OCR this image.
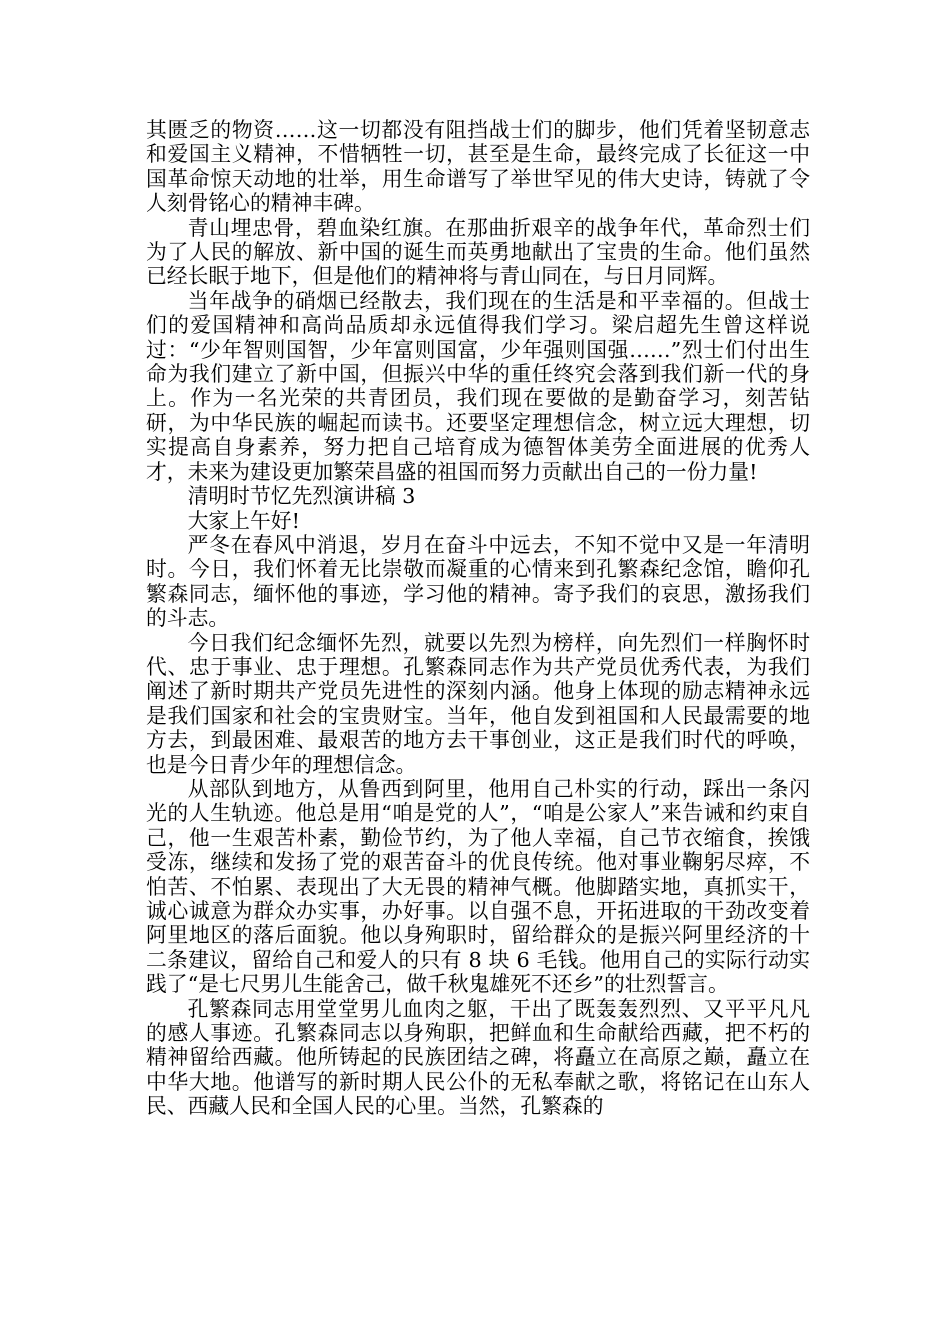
其匮乏的物资……这一切都没有阻挡战士们的脚步，他们凭着坚韧意志和爱国主义精神，不惜牺牲一切，甚至是生命，最终完成了长征这一中国革命惊天动地的壮举，用生命谱写了举世罕见的伟大史诗，铸就了令人刻骨铭心的精神丰碑。

青山埋忠骨，碧血染红旗。在那曲折艰辛的战争年代，革命烈士们为了人民的解放、新中国的诞生而英勇地献出了宝贵的生命。他们虽然已经长眠于地下，但是他们的精神将与青山同在，与日月同辉。

当年战争的硝烟已经散去，我们现在的生活是和平幸福的。但战士们的爱国精神和高尚品质却永远值得我们学习。梁启超先生曾这样说过：“少年智则国智，少年富则国富，少年强则国强……”烈士们付出生命为我们建立了新中国，但振兴中华的重任终究会落到我们新一代的身上。作为一名光荣的共青团员，我们现在要做的是勤奋学习，刻苦钻研，为中华民族的崛起而读书。还要坚定理想信念，树立远大理想，切实提高自身素养，努力把自己培育成为德智体美劳全面进展的优秀人才，未来为建设更加繁荣昌盛的祖国而努力贡献出自己的一份力量!

清明时节忆先烈演讲稿 3

大家上午好!

严冬在春风中消退，岁月在奋斗中远去，不知不觉中又是一年清明时。今日，我们怀着无比崇敬而凝重的心情来到孔繁森纪念馆，瞻仰孔繁森同志，缅怀他的事迹，学习他的精神。寄予我们的哀思，激扬我们的斗志。

今日我们纪念缅怀先烈，就要以先烈为榜样，向先烈们一样胸怀时代、忠于事业、忠于理想。孔繁森同志作为共产党员优秀代表，为我们阐述了新时期共产党员先进性的深刻内涵。他身上体现的励志精神永远是我们国家和社会的宝贵财宝。当年，他自发到祖国和人民最需要的地方去，到最困难、最艰苦的地方去干事创业，这正是我们时代的呼唤，也是今日青少年的理想信念。

从部队到地方，从鲁西到阿里，他用自己朴实的行动，踩出一条闪光的人生轨迹。他总是用“咱是党的人”，“咱是公家人”来告诫和约束自己，他一生艰苦朴素，勤俭节约，为了他人幸福，自己节衣缩食，挨饿受冻，继续和发扬了党的艰苦奋斗的优良传统。他对事业鞠躬尽瘁，不怕苦、不怕累、表现出了大无畏的精神气概。他脚踏实地，真抓实干，诚心诚意为群众办实事，办好事。以自强不息，开拓进取的干劲改变着阿里地区的落后面貌。他以身殉职时，留给群众的是振兴阿里经济的十二条建议，留给自己和爱人的只有 8 块 6 毛钱。他用自己的实际行动实践了“是七尺男儿生能舍己，做千秋鬼雄死不还乡”的壮烈誓言。

孔繁森同志用堂堂男儿血肉之躯，干出了既轰轰烈烈、又平平凡凡的感人事迹。孔繁森同志以身殉职，把鲜血和生命献给西藏，把不朽的精神留给西藏。他所铸起的民族团结之碑，将矗立在高原之巅，矗立在中华大地。他谱写的新时期人民公仆的无私奉献之歌，将铭记在山东人民、西藏人民和全国人民的心里。当然，孔繁森的
